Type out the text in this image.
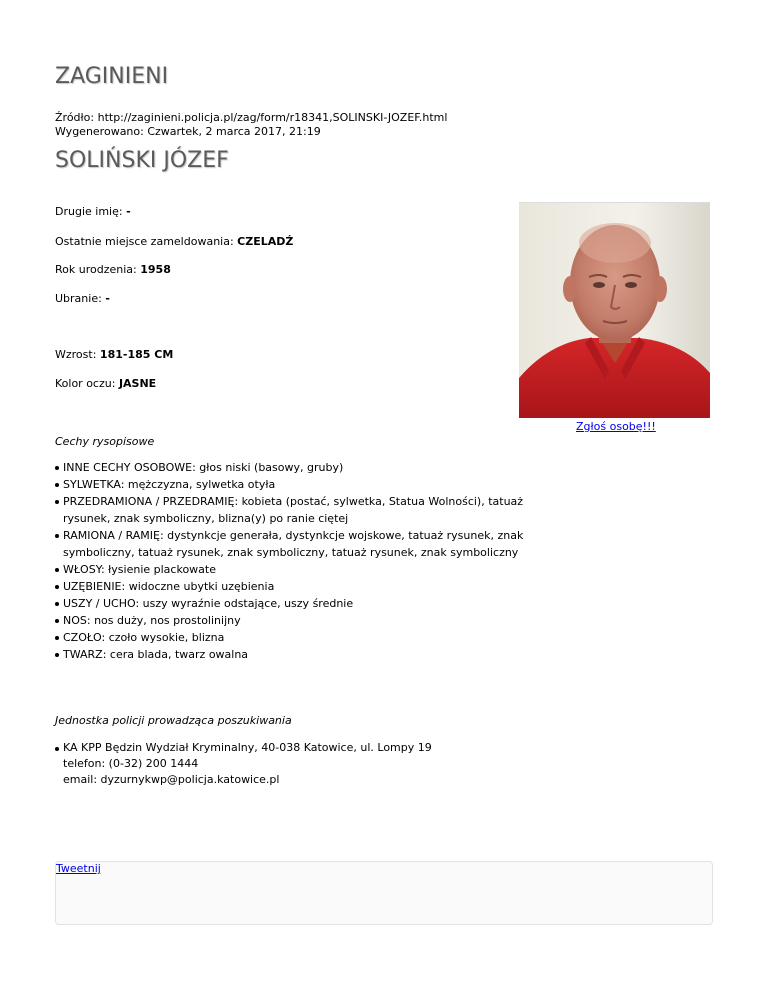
ZAGINIENI
Źródło: http://zaginieni.policja.pl/zag/form/r18341,SOLINSKI-JOZEF.html
Wygenerowano: Czwartek, 2 marca 2017, 21:19
SOLIŃSKI JÓZEF
Drugie imię: -
Ostatnie miejsce zameldowania: CZELADŹ
Rok urodzenia: 1958
Ubranie: -
Wzrost: 181-185 CM
Kolor oczu: JASNE
Zgłoś osobę!!!
Cechy rysopisowe
INNE CECHY OSOBOWE: głos niski (basowy, gruby)
SYLWETKA: mężczyzna, sylwetka otyła
PRZEDRAMIONA / PRZEDRAMIĘ: kobieta (postać, sylwetka, Statua Wolności), tatuaż rysunek, znak symboliczny, blizna(y) po ranie ciętej
RAMIONA / RAMIĘ: dystynkcje generała, dystynkcje wojskowe, tatuaż rysunek, znak symboliczny, tatuaż rysunek, znak symboliczny, tatuaż rysunek, znak symboliczny
WŁOSY: łysienie plackowate
UZĘBIENIE: widoczne ubytki uzębienia
USZY / UCHO: uszy wyraźnie odstające, uszy średnie
NOS: nos duży, nos prostolinijny
CZOŁO: czoło wysokie, blizna
TWARZ: cera blada, twarz owalna
Jednostka policji prowadząca poszukiwania
KA KPP Będzin Wydział Kryminalny, 40-038 Katowice, ul. Lompy 19
telefon: (0-32) 200 1444
email: dyzurnykwp@policja.katowice.pl
Tweetnij
